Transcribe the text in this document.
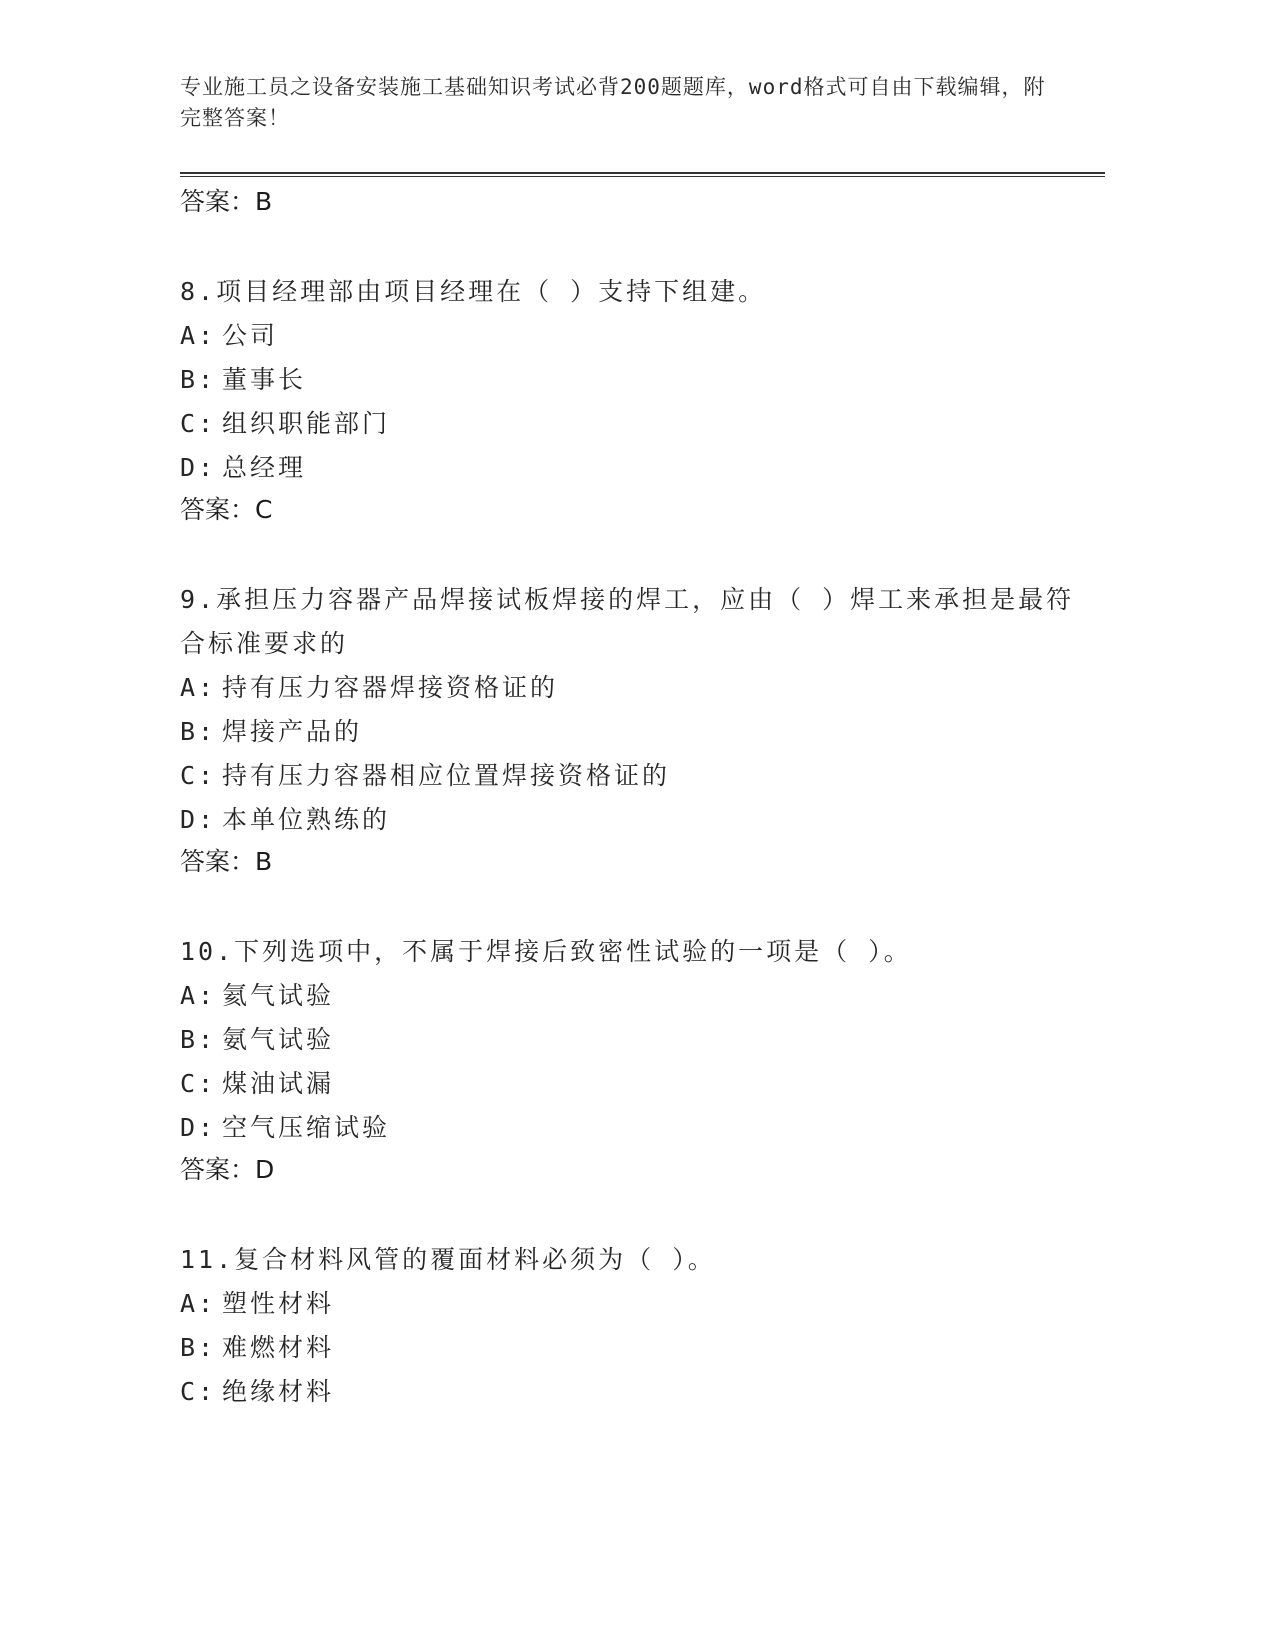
专业施工员之设备安装施工基础知识考试必背200题题库，word格式可自由下载编辑，附完整答案！
答案：B
8.项目经理部由项目经理在（ ）支持下组建。
A: 公司
B: 董事长
C: 组织职能部门
D: 总经理
答案：C
9.承担压力容器产品焊接试板焊接的焊工，应由（ ）焊工来承担是最符合标准要求的
A: 持有压力容器焊接资格证的
B: 焊接产品的
C: 持有压力容器相应位置焊接资格证的
D: 本单位熟练的
答案：B
10.下列选项中，不属于焊接后致密性试验的一项是（ ）。
A: 氦气试验
B: 氨气试验
C: 煤油试漏
D: 空气压缩试验
答案：D
11.复合材料风管的覆面材料必须为（ ）。
A: 塑性材料
B: 难燃材料
C: 绝缘材料
